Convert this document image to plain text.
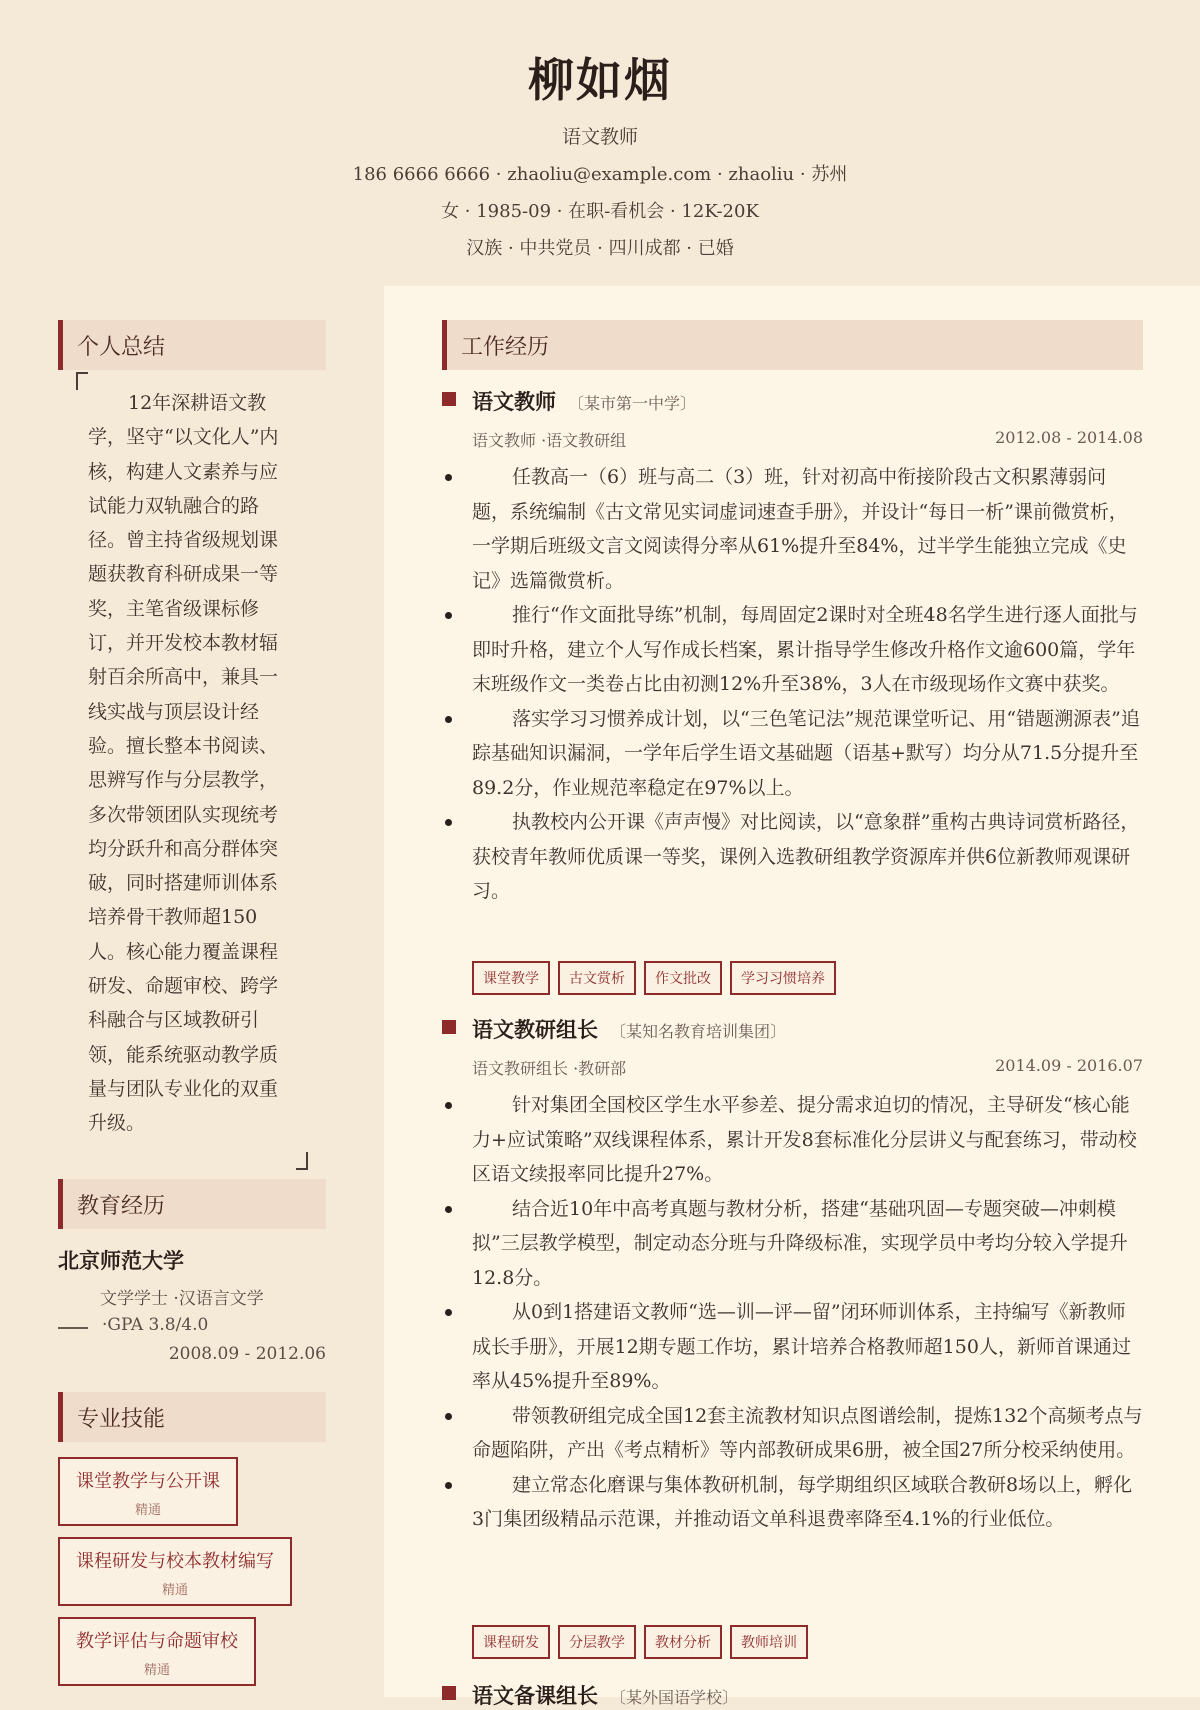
柳如烟
语文教师
186 6666 6666 · zhaoliu@example.com · zhaoliu · 苏州
女 · 1985-09 · 在职-看机会 · 12K-20K
汉族 · 中共党员 · 四川成都 · 已婚
个人总结
12年深耕语文教学，坚守“以文化人”内核，构建人文素养与应试能力双轨融合的路径。曾主持省级规划课题获教育科研成果一等奖，主笔省级课标修订，并开发校本教材辐射百余所高中，兼具一线实战与顶层设计经验。擅长整本书阅读、思辨写作与分层教学，多次带领团队实现统考均分跃升和高分群体突破，同时搭建师训体系培养骨干教师超150人。核心能力覆盖课程研发、命题审校、跨学科融合与区域教研引领，能系统驱动教学质量与团队专业化的双重升级。
教育经历
北京师范大学
文学学士 ·汉语言文学
·GPA 3.8/4.0
2008.09 - 2012.06
专业技能
课堂教学与公开课
精通
课程研发与校本教材编写
精通
教学评估与命题审校
精通
工作经历
语文教师 〔某市第一中学〕
语文教师 ·语文教研组	2012.08 - 2014.08
任教高一（6）班与高二（3）班，针对初高中衔接阶段古文积累薄弱问题，系统编制《古文常见实词虚词速查手册》，并设计“每日一析”课前微赏析，一学期后班级文言文阅读得分率从61%提升至84%，过半学生能独立完成《史记》选篇微赏析。
推行“作文面批导练”机制，每周固定2课时对全班48名学生进行逐人面批与即时升格，建立个人写作成长档案，累计指导学生修改升格作文逾600篇，学年末班级作文一类卷占比由初测12%升至38%，3人在市级现场作文赛中获奖。
落实学习习惯养成计划，以“三色笔记法”规范课堂听记、用“错题溯源表”追踪基础知识漏洞，一学年后学生语文基础题（语基+默写）均分从71.5分提升至89.2分，作业规范率稳定在97%以上。
执教校内公开课《声声慢》对比阅读，以“意象群”重构古典诗词赏析路径，获校青年教师优质课一等奖，课例入选教研组教学资源库并供6位新教师观课研习。
课堂教学	古文赏析	作文批改	学习习惯培养
语文教研组长 〔某知名教育培训集团〕
语文教研组长 ·教研部	2014.09 - 2016.07
针对集团全国校区学生水平参差、提分需求迫切的情况，主导研发“核心能力+应试策略”双线课程体系，累计开发8套标准化分层讲义与配套练习，带动校区语文续报率同比提升27%。
结合近10年中高考真题与教材分析，搭建“基础巩固—专题突破—冲刺模拟”三层教学模型，制定动态分班与升降级标准，实现学员中考均分较入学提升12.8分。
从0到1搭建语文教师“选—训—评—留”闭环师训体系，主持编写《新教师成长手册》，开展12期专题工作坊，累计培养合格教师超150人，新师首课通过率从45%提升至89%。
带领教研组完成全国12套主流教材知识点图谱绘制，提炼132个高频考点与命题陷阱，产出《考点精析》等内部教研成果6册，被全国27所分校采纳使用。
建立常态化磨课与集体教研机制，每学期组织区域联合教研8场以上，孵化3门集团级精品示范课，并推动语文单科退费率降至4.1%的行业低位。
课程研发	分层教学	教材分析	教师培训
语文备课组长 〔某外国语学校〕
